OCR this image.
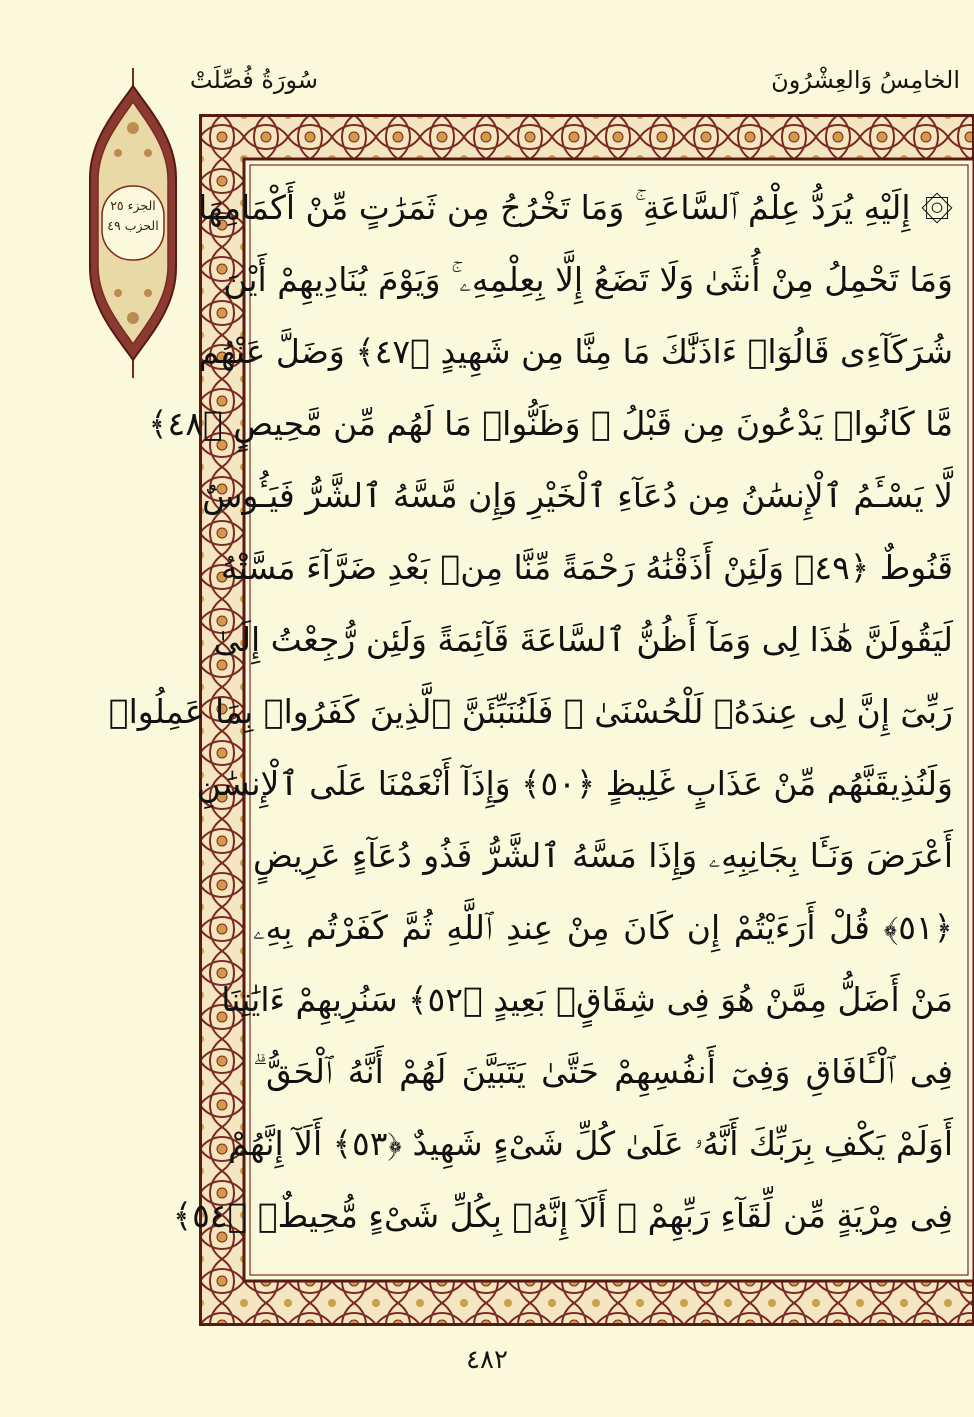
سُورَةُ فُصِّلَتْ	الخامِسُ وَالعِشْرُونَ
الجزء ٢٥
الحزب ٤٩ ۞ إِلَيْهِ يُرَدُّ عِلْمُ ٱلسَّاعَةِ ۚ وَمَا تَخْرُجُ مِن ثَمَرَٰتٍ مِّنْ أَكْمَامِهَا
وَمَا تَحْمِلُ مِنْ أُنثَىٰ وَلَا تَضَعُ إِلَّا بِعِلْمِهِۦ ۚ وَيَوْمَ يُنَادِيهِمْ أَيْنَ
شُرَكَآءِى قَالُوٓا۟ ءَاذَنَّٰكَ مَا مِنَّا مِن شَهِيدٍ ﴿٤٧﴾ وَضَلَّ عَنْهُم
مَّا كَانُوا۟ يَدْعُونَ مِن قَبْلُ ۖ وَظَنُّوا۟ مَا لَهُم مِّن مَّحِيصٍ ﴿٤٨﴾
لَّا يَسْـَٔمُ ٱلْإِنسَٰنُ مِن دُعَآءِ ٱلْخَيْرِ وَإِن مَّسَّهُ ٱلشَّرُّ فَيَـُٔوسٌ
قَنُوطٌ ﴿٤٩﴾ وَلَئِنْ أَذَقْنَٰهُ رَحْمَةً مِّنَّا مِنۢ بَعْدِ ضَرَّآءَ مَسَّتْهُ
لَيَقُولَنَّ هَٰذَا لِى وَمَآ أَظُنُّ ٱلسَّاعَةَ قَآئِمَةً وَلَئِن رُّجِعْتُ إِلَىٰ
رَبِّىٓ إِنَّ لِى عِندَهُۥ لَلْحُسْنَىٰ ۚ فَلَنُنَبِّئَنَّ ٱلَّذِينَ كَفَرُوا۟ بِمَا عَمِلُوا۟
وَلَنُذِيقَنَّهُم مِّنْ عَذَابٍ غَلِيظٍ ﴿٥٠﴾ وَإِذَآ أَنْعَمْنَا عَلَى ٱلْإِنسَٰنِ
أَعْرَضَ وَنَـَٔا بِجَانِبِهِۦ وَإِذَا مَسَّهُ ٱلشَّرُّ فَذُو دُعَآءٍ عَرِيضٍ
﴿٥١﴾ قُلْ أَرَءَيْتُمْ إِن كَانَ مِنْ عِندِ ٱللَّهِ ثُمَّ كَفَرْتُم بِهِۦ
مَنْ أَضَلُّ مِمَّنْ هُوَ فِى شِقَاقٍۭ بَعِيدٍ ﴿٥٢﴾ سَنُرِيهِمْ ءَايَٰتِنَا
فِى ٱلْـَٔافَاقِ وَفِىٓ أَنفُسِهِمْ حَتَّىٰ يَتَبَيَّنَ لَهُمْ أَنَّهُ ٱلْحَقُّ ۗ
أَوَلَمْ يَكْفِ بِرَبِّكَ أَنَّهُۥ عَلَىٰ كُلِّ شَىْءٍ شَهِيدٌ ﴿٥٣﴾ أَلَآ إِنَّهُمْ
فِى مِرْيَةٍ مِّن لِّقَآءِ رَبِّهِمْ ۗ أَلَآ إِنَّهُۥ بِكُلِّ شَىْءٍ مُّحِيطٌۢ ﴿٥٤﴾
٤٨٢
